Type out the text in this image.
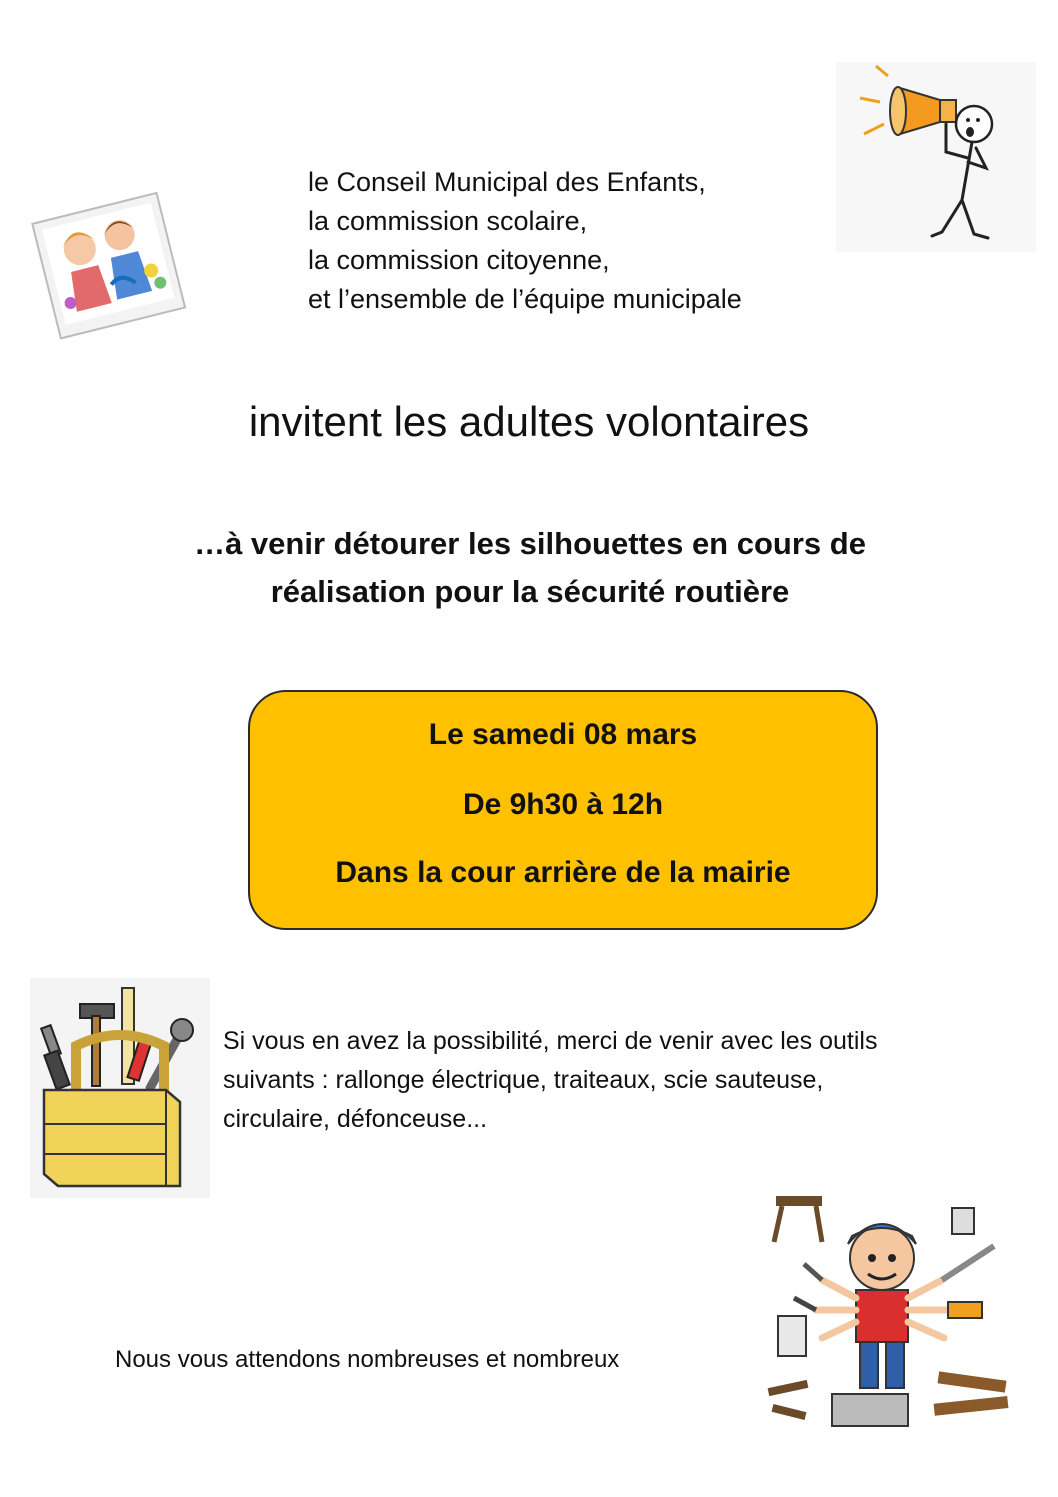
le Conseil Municipal des Enfants,
la commission scolaire,
la commission citoyenne,
et l’ensemble de l’équipe municipale
invitent les adultes volontaires
…à venir détourer les silhouettes en cours de
réalisation pour la sécurité routière
Le samedi 08 mars
De 9h30 à 12h
Dans la cour arrière de la mairie
Si vous en avez la possibilité, merci de venir avec les outils
suivants : rallonge électrique, traiteaux, scie sauteuse,
circulaire, défonceuse...
Nous vous attendons nombreuses et nombreux
